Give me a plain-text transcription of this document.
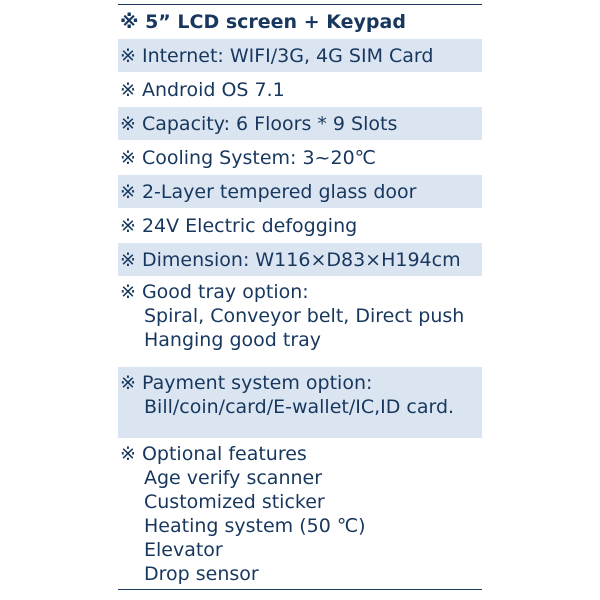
※ 5” LCD screen + Keypad
※ Internet: WIFI/3G, 4G SIM Card
※ Android OS 7.1
※ Capacity: 6 Floors * 9 Slots
※ Cooling System: 3~20℃
※ 2-Layer tempered glass door
※ 24V Electric defogging
※ Dimension: W116×D83×H194cm
※ Good tray option:
Spiral, Conveyor belt, Direct push
Hanging good tray
※ Payment system option:
Bill/coin/card/E-wallet/IC,ID card.
※ Optional features
Age verify scanner
Customized sticker
Heating system (50 ℃)
Elevator
Drop sensor
